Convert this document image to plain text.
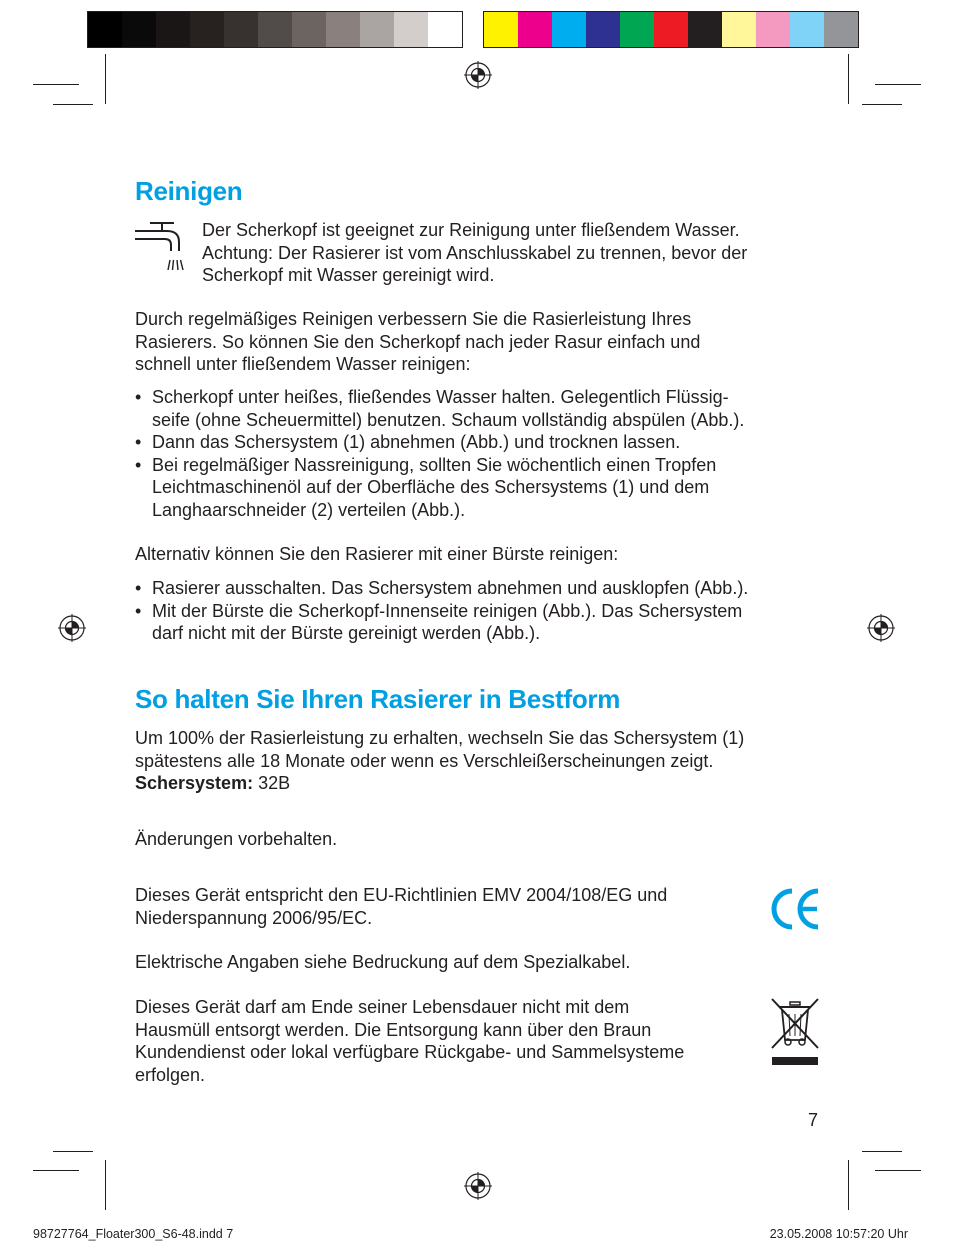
Reinigen

Der Scherkopf ist geeignet zur Reinigung unter fließendem Wasser.
Achtung: Der Rasierer ist vom Anschlusskabel zu trennen, bevor der
Scherkopf mit Wasser gereinigt wird.

Durch regelmäßiges Reinigen verbessern Sie die Rasierleistung Ihres
Rasierers. So können Sie den Scherkopf nach jeder Rasur einfach und
schnell unter fließendem Wasser reinigen:

• Scherkopf unter heißes, fließendes Wasser halten. Gelegentlich Flüssig-
seife (ohne Scheuermittel) benutzen. Schaum vollständig abspülen (Abb.).
• Dann das Schersystem (1) abnehmen (Abb.) und trocknen lassen.
• Bei regelmäßiger Nassreinigung, sollten Sie wöchentlich einen Tropfen
Leichtmaschinenöl auf der Oberfläche des Schersystems (1) und dem
Langhaarschneider (2) verteilen (Abb.).

Alternativ können Sie den Rasierer mit einer Bürste reinigen:

• Rasierer ausschalten. Das Schersystem abnehmen und ausklopfen (Abb.).
• Mit der Bürste die Scherkopf-Innenseite reinigen (Abb.). Das Schersystem
darf nicht mit der Bürste gereinigt werden (Abb.).
So halten Sie Ihren Rasierer in Bestform

Um 100% der Rasierleistung zu erhalten, wechseln Sie das Schersystem (1)
spätestens alle 18 Monate oder wenn es Verschleißerscheinungen zeigt.
Schersystem: 32B

Änderungen vorbehalten.

Dieses Gerät entspricht den EU-Richtlinien EMV 2004/108/EG und
Niederspannung 2006/95/EC.

Elektrische Angaben siehe Bedruckung auf dem Spezialkabel.

Dieses Gerät darf am Ende seiner Lebensdauer nicht mit dem
Hausmüll entsorgt werden. Die Entsorgung kann über den Braun
Kundendienst oder lokal verfügbare Rückgabe- und Sammelsysteme
erfolgen.

7
98727764_Floater300_S6-48.indd 7	23.05.2008 10:57:20 Uhr
